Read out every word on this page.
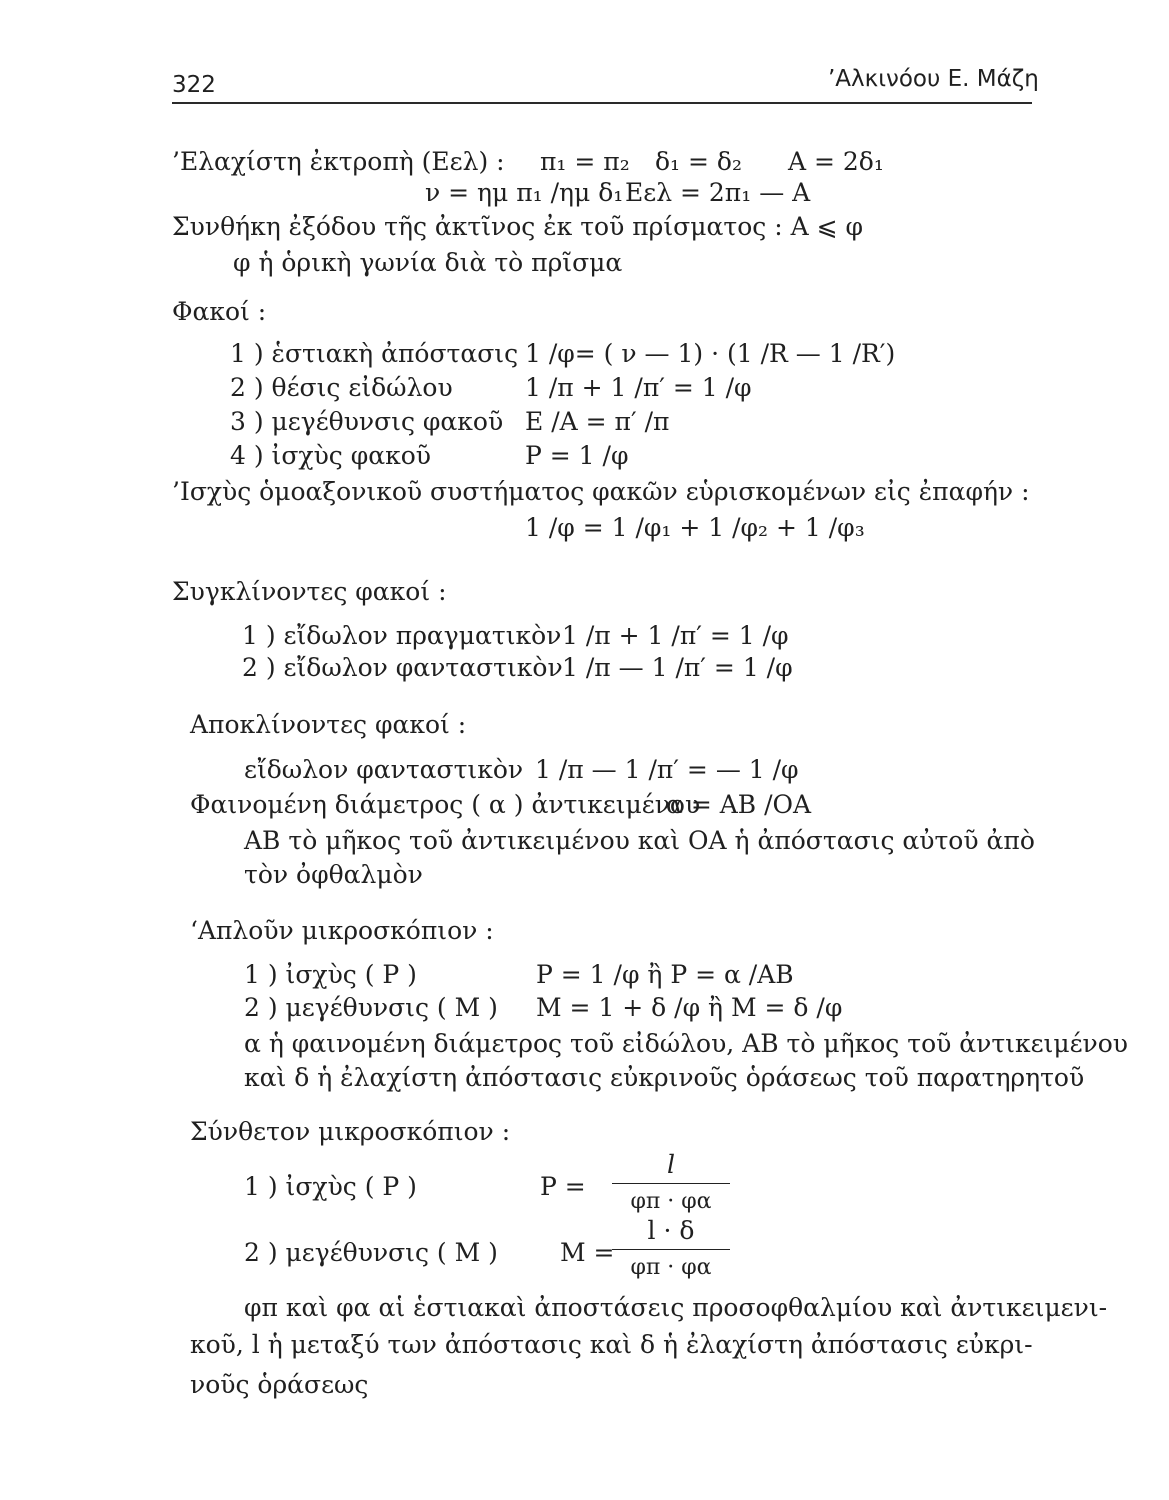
322	’Αλκινόου Ε. Μάζη
’Ελαχίστη ἐκτροπὴ (Εελ) : π₁ = π₂ δ₁ = δ₂ Α = 2δ₁
ν = ημ π₁ /ημ δ₁ Εελ = 2π₁ — Α
Συνθήκη ἐξόδου τῆς ἀκτῖνος ἐκ τοῦ πρίσματος : Α ⩽ φ
φ ἡ ὁρικὴ γωνία διὰ τὸ πρῖσμα
Φακοί :
1 ) ἑστιακὴ ἀπόστασις 1 /φ= ( ν — 1) · (1 /R — 1 /R′)
2 ) θέσις εἰδώλου	1 /π + 1 /π′ = 1 /φ
3 ) μεγέθυνσις φακοῦ Ε /Α = π′ /π
4 ) ἰσχὺς φακοῦ	Ρ = 1 /φ
’Ισχὺς ὁμοαξονικοῦ συστήματος φακῶν εὑρισκομένων εἰς ἐπαφήν :
1 /φ = 1 /φ₁ + 1 /φ₂ + 1 /φ₃
Συγκλίνοντες φακοί :
1 ) εἴδωλον πραγματικὸν 1 /π + 1 /π′ = 1 /φ
2 ) εἴδωλον φανταστικὸν 1 /π — 1 /π′ = 1 /φ
Αποκλίνοντες φακοί :
εἴδωλον φανταστικὸν 1 /π — 1 /π′ = — 1 /φ
Φαινομένη διάμετρος ( α ) ἀντικειμένου
α = ΑΒ /ΟΑ
ΑΒ τὸ μῆκος τοῦ ἀντικειμένου καὶ ΟΑ ἡ ἀπόστασις αὐτοῦ ἀπὸ
τὸν ὀφθαλμὸν
‘Απλοῦν μικροσκόπιον :
1 ) ἰσχὺς ( Ρ )	Ρ = 1 /φ ἢ Ρ = α /ΑΒ
2 ) μεγέθυνσις ( Μ ) Μ = 1 + δ /φ ἢ Μ = δ /φ
α ἡ φαινομένη διάμετρος τοῦ εἰδώλου, ΑΒ τὸ μῆκος τοῦ ἀντικειμένου
καὶ δ ἡ ἐλαχίστη ἀπόστασις εὐκρινοῦς ὁράσεως τοῦ παρατηρητοῦ
Σύνθετον μικροσκόπιον :
1 ) ἰσχὺς ( Ρ )	Ρ =
l
φπ · φα
2 ) μεγέθυνσις ( Μ ) Μ =
l · δ
φπ · φα
φπ καὶ φα αἱ ἑστιακαὶ ἀποστάσεις προσοφθαλμίου καὶ ἀντικειμενι-
κοῦ, l ἡ μεταξύ των ἀπόστασις καὶ δ ἡ ἐλαχίστη ἀπόστασις εὐκρι-
νοῦς ὁράσεως
